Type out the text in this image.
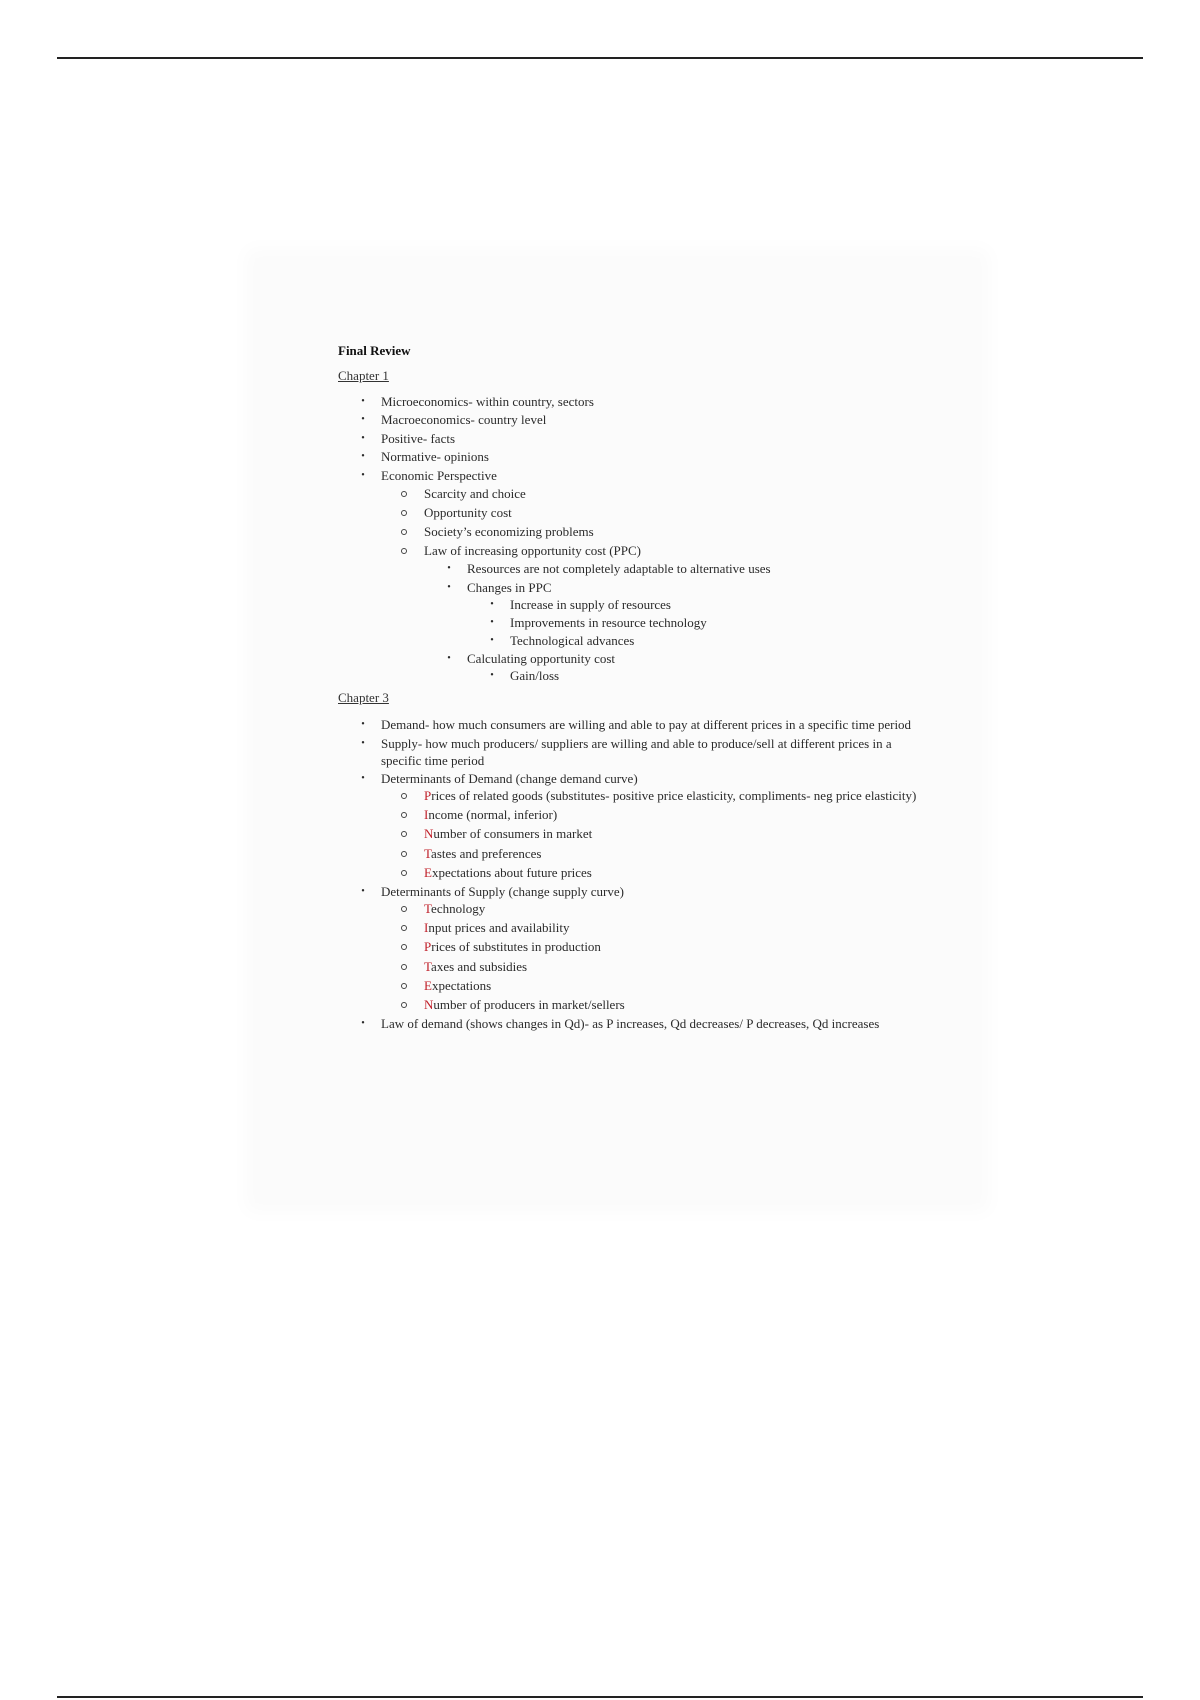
Final Review
Chapter 1
• Microeconomics- within country, sectors
• Macroeconomics- country level
• Positive- facts
• Normative- opinions
• Economic Perspective
Scarcity and choice
Opportunity cost
Society’s economizing problems
Law of increasing opportunity cost (PPC)
• Resources are not completely adaptable to alternative uses
• Changes in PPC
• Increase in supply of resources
• Improvements in resource technology
• Technological advances
• Calculating opportunity cost
• Gain/loss
Chapter 3
• Demand- how much consumers are willing and able to pay at different prices in a specific time period
• Supply- how much producers/ suppliers are willing and able to produce/sell at different prices in a specific time period
• Determinants of Demand (change demand curve)
Prices of related goods (substitutes- positive price elasticity, compliments- neg price elasticity)
Income (normal, inferior)
Number of consumers in market
Tastes and preferences
Expectations about future prices
• Determinants of Supply (change supply curve)
Technology
Input prices and availability
Prices of substitutes in production
Taxes and subsidies
Expectations
Number of producers in market/sellers
• Law of demand (shows changes in Qd)- as P increases, Qd decreases/ P decreases, Qd increases
